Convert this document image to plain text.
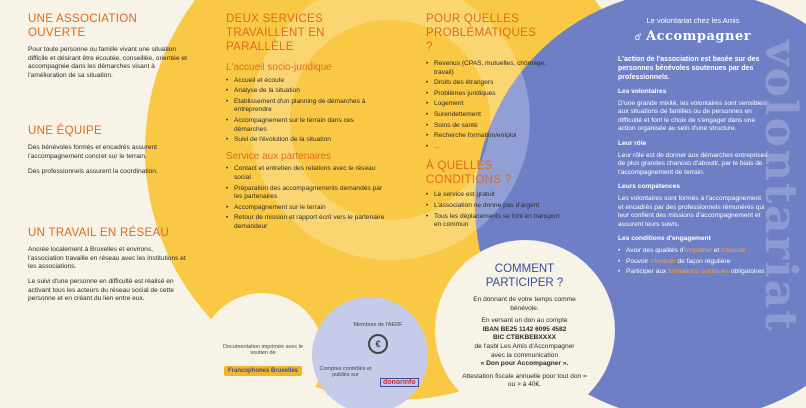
UNE ASSOCIATION OUVERTE

Pour toute personne ou famille vivant une situation difficile et désirant être écoutée, conseillée, orientée et accompagnée dans les démarches visant à l'amélioration de sa situation.

UNE ÉQUIPE

Des bénévoles formés et encadrés assurent l'accompagnement concret sur le terrain.

Des professionnels assurent la coordination.

UN TRAVAIL EN RÉSEAU

Ancrée localement à Bruxelles et environs, l'association travaille en réseau avec les institutions et les associations.

Le suivi d'une personne en difficulté est réalisé en activant tous les acteurs du réseau social de cette personne et en créant du lien entre eux.

DEUX SERVICES TRAVAILLENT EN PARALLÈLE

L'accueil socio-juridique

• Accueil et écoute
• Analyse de la situation
• Etablissement d'un planning de démarches à entreprendre
• Accompagnement sur le terrain dans ces démarches
• Suivi de l'évolution de la situation

Service aux partenaires

• Contact et entretien des relations avec le réseau social
• Préparation des accompagnements demandés par les partenaires
• Accompagnement sur le terrain
• Retour de mission et rapport écrit vers le partenaire demandeur
POUR QUELLES PROBLÉMATIQUES ?
• Revenus (CPAS, mutuelles, chômage, travail)
• Droits des étrangers
• Problèmes juridiques
• Logement
• Surendettement
• Soins de santé
• Recherche formation/emploi
• ...
À QUELLES CONDITIONS ?
• Le service est gratuit
• L'association ne donne pas d'argent
• Tous les déplacements se font en transport en commun
COMMENT PARTICIPER ?

En donnant de votre temps comme bénévole.

En versant un don au compte

IBAN BE25 1142 6095 4582

BIC CTBKBEBXXXX

de l'asbl Les Amis d'Accompagner

avec la communication

« Don pour Accompagner ».

Attestation fiscale annuelle pour tout don = ou > à 40€.

Documentation imprimée avec le soutien de
Francophones Bruxelles
Membres de l'AERF
€
Comptes contrôlés et publiés sur
donorinfo
Le volontariat chez les Amis
d' Accompagner

L'action de l'association est basée sur des personnes bénévoles soutenues par des professionnels.

Les volontaires

D'une grande mixité, les volontaires sont sensibles aux situations de familles ou de personnes en difficulté et font le choix de s'engager dans une action organisée au sein d'une structure.

Leur rôle

Leur rôle est de donner aux démarches entreprises de plus grandes chances d'aboutir, par le biais de l'accompagnement de terrain.

Leurs compétences

Les volontaires sont formés à l'accompagnement et encadrés par des professionnels rémunérés qui leur confient des missions d'accompagnement et assurent leurs suivis.

Les conditions d'engagement

• Avoir des qualités d'empathie et d'écoute
• Pouvoir s'investir de façon régulière
• Participer aux formations continues obligatoires
volontariat
